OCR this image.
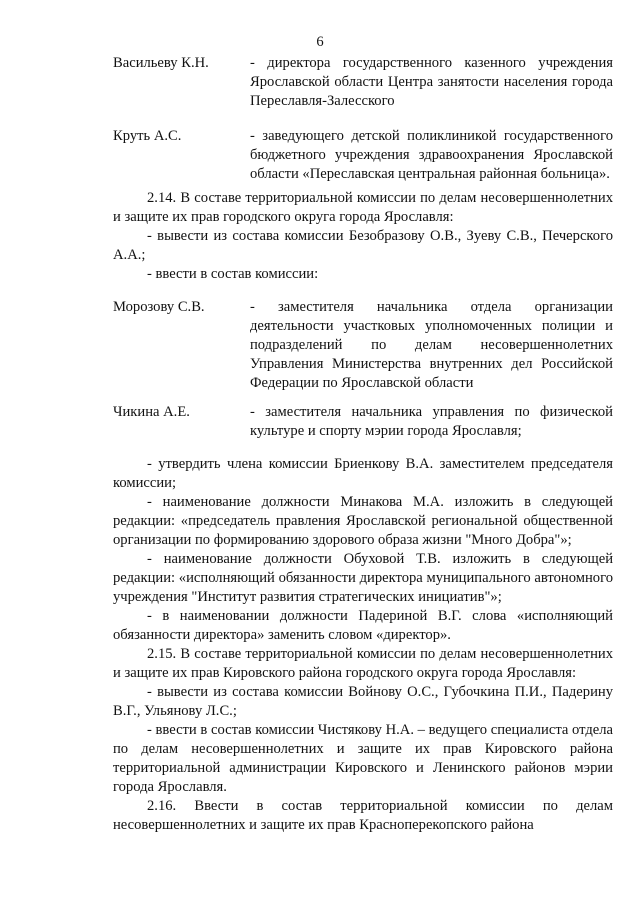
6
Васильеву К.Н.	- директора государственного казенного учреждения Ярославской области Центра занятости населения города Переславля-Залесского
Круть А.С.	- заведующего детской поликлиникой государственного бюджетного учреждения здравоохранения Ярославской области «Переславская центральная районная больница».

2.14. В составе территориальной комиссии по делам несовершеннолетних и защите их прав городского округа города Ярославля:

- вывести из состава комиссии Безобразову О.В., Зуеву С.В., Печерского А.А.;

- ввести в состав комиссии:

Морозову С.В.	- заместителя начальника отдела организации деятельности участковых уполномоченных полиции и подразделений по делам несовершеннолетних Управления Министерства внутренних дел Российской Федерации по Ярославской области
Чикина А.Е.	- заместителя начальника управления по физической культуре и спорту мэрии города Ярославля;

- утвердить члена комиссии Бриенкову В.А. заместителем председателя комиссии;

- наименование должности Минакова М.А. изложить в следующей редакции: «председатель правления Ярославской региональной общественной организации по формированию здорового образа жизни "Много Добра"»;

- наименование должности Обуховой Т.В. изложить в следующей редакции: «исполняющий обязанности директора муниципального автономного учреждения "Институт развития стратегических инициатив"»;

- в наименовании должности Падериной В.Г. слова «исполняющий обязанности директора» заменить словом «директор».

2.15. В составе территориальной комиссии по делам несовершеннолетних и защите их прав Кировского района городского округа города Ярославля:

- вывести из состава комиссии Войнову О.С., Губочкина П.И., Падерину В.Г., Ульянову Л.С.;

- ввести в состав комиссии Чистякову Н.А. – ведущего специалиста отдела по делам несовершеннолетних и защите их прав Кировского района территориальной администрации Кировского и Ленинского районов мэрии города Ярославля.

2.16. Ввести в состав территориальной комиссии по делам несовершеннолетних и защите их прав Красноперекопского района
